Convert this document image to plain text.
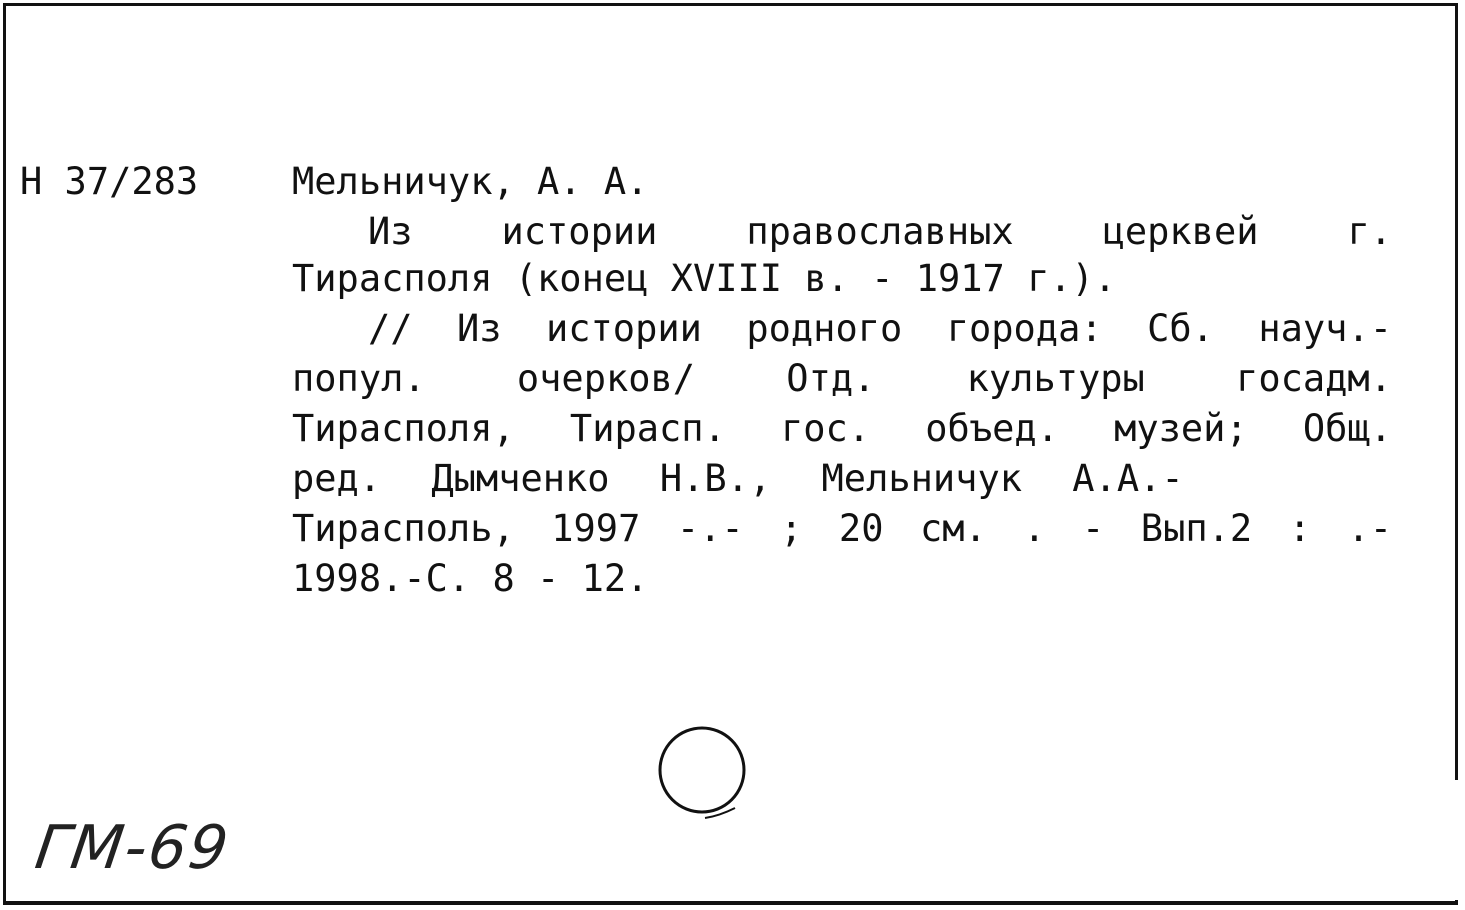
Н 37/283	Мельничук, А. А.
Из истории православных церквей г.
Тирасполя (конец XVIII в. - 1917 г.).
// Из истории родного города: Сб. науч.-
попул. очерков/ Отд. культуры госадм.
Тирасполя, Тирасп. гос. объед. музей; Общ.
ред. Дымченко Н.В., Мельничук А.А.-
Тирасполь, 1997 -.- ; 20 см. . - Вып.2 : .-
1998.-С. 8 - 12.
ГМ-69
